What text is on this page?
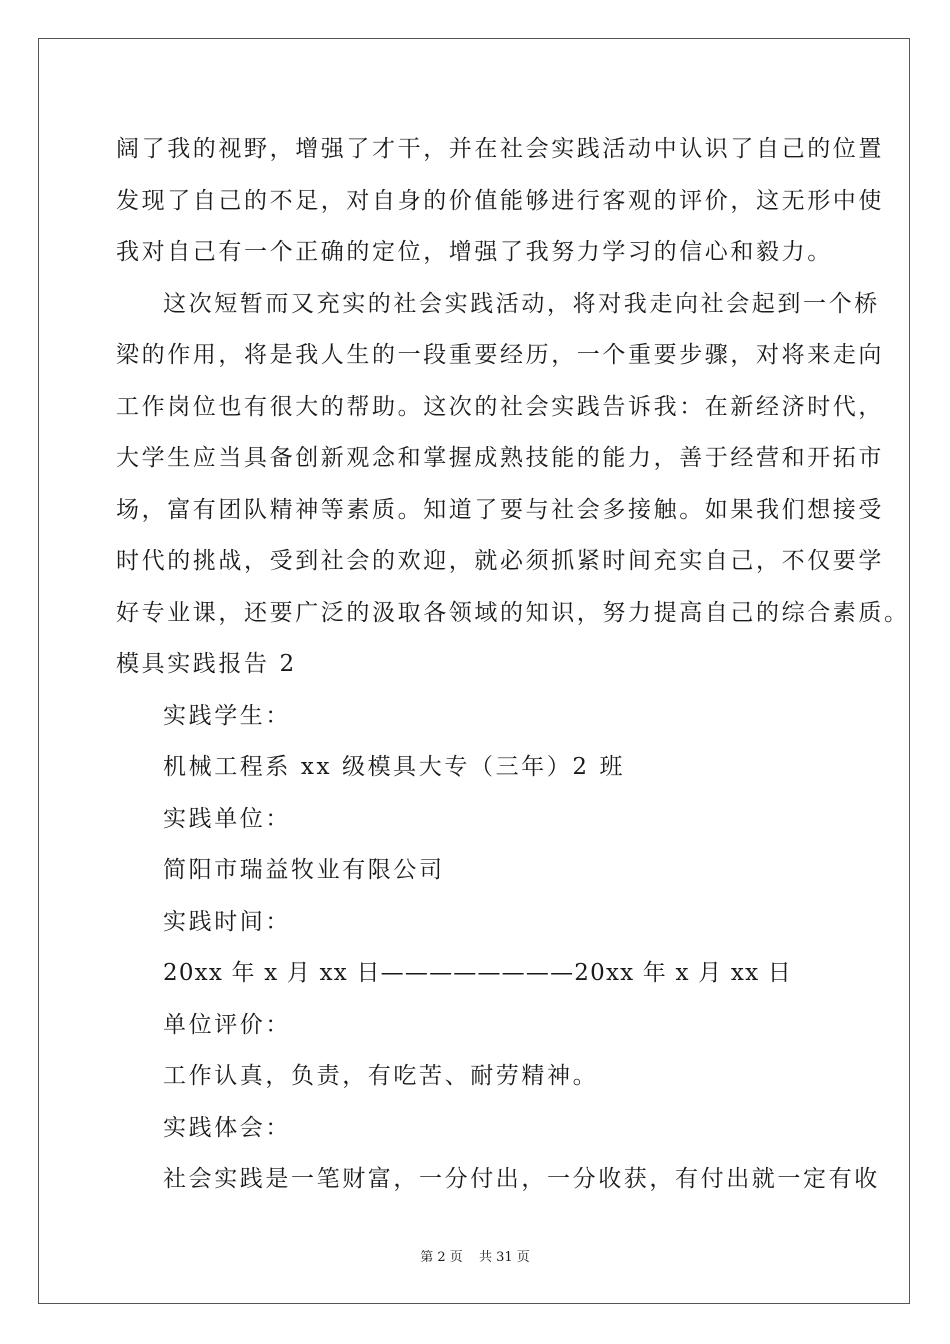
阔了我的视野，增强了才干，并在社会实践活动中认识了自己的位置
发现了自己的不足，对自身的价值能够进行客观的评价，这无形中使
我对自己有一个正确的定位，增强了我努力学习的信心和毅力。
这次短暂而又充实的社会实践活动，将对我走向社会起到一个桥
梁的作用，将是我人生的一段重要经历，一个重要步骤，对将来走向
工作岗位也有很大的帮助。这次的社会实践告诉我：在新经济时代，
大学生应当具备创新观念和掌握成熟技能的能力，善于经营和开拓市
场，富有团队精神等素质。知道了要与社会多接触。如果我们想接受
时代的挑战，受到社会的欢迎，就必须抓紧时间充实自己，不仅要学
好专业课，还要广泛的汲取各领域的知识，努力提高自己的综合素质。
模具实践报告 2
实践学生：
机械工程系 xx 级模具大专（三年）2 班
实践单位：
简阳市瑞益牧业有限公司
实践时间：
20xx 年 x 月 xx 日————————20xx 年 x 月 xx 日
单位评价：
工作认真，负责，有吃苦、耐劳精神。
实践体会：
社会实践是一笔财富，一分付出，一分收获，有付出就一定有收
第 2 页 共 31 页
